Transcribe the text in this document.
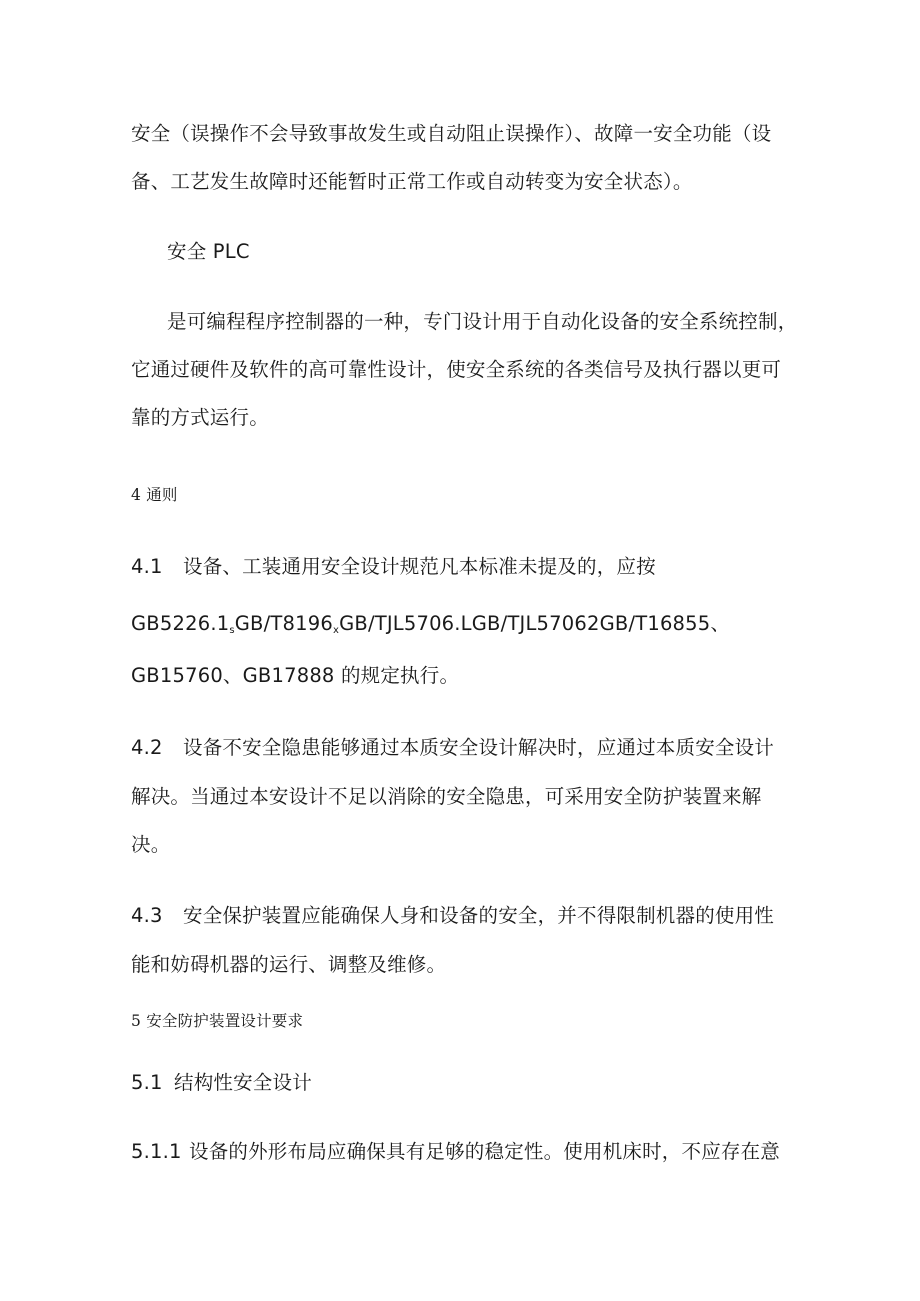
安全（误操作不会导致事故发生或自动阻止误操作）、故障一安全功能（设
备、工艺发生故障时还能暂时正常工作或自动转变为安全状态）。
安全 PLC
是可编程程序控制器的一种，专门设计用于自动化设备的安全系统控制，
它通过硬件及软件的高可靠性设计，使安全系统的各类信号及执行器以更可
靠的方式运行。
4 通则
4.1 设备、工装通用安全设计规范凡本标准未提及的，应按
$GB5226.1_sGB/T8196_xGB/TJL5706.LGB/TJL57062GB/T16855$、
GB15760、GB17888 的规定执行。
4.2 设备不安全隐患能够通过本质安全设计解决时，应通过本质安全设计
解决。当通过本安设计不足以消除的安全隐患，可采用安全防护装置来解
决。
4.3 安全保护装置应能确保人身和设备的安全，并不得限制机器的使用性
能和妨碍机器的运行、调整及维修。
5 安全防护装置设计要求
5.1 结构性安全设计
5.1.1 设备的外形布局应确保具有足够的稳定性。使用机床时，不应存在意
